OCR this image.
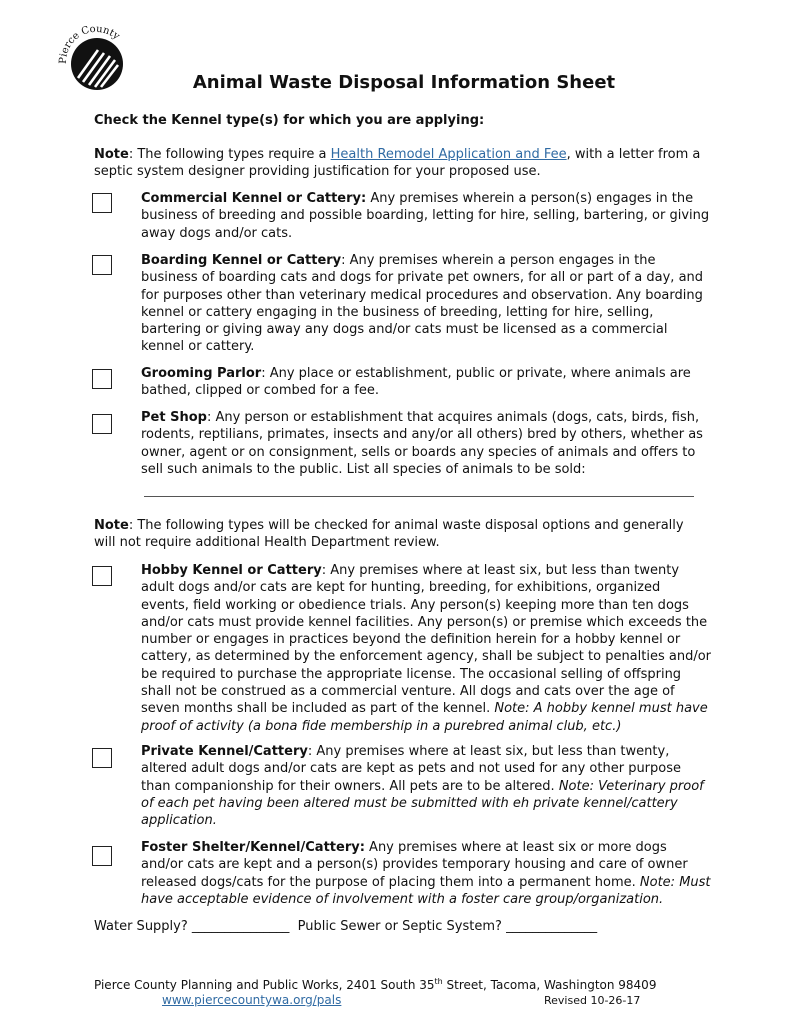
Pierce County
Animal Waste Disposal Information Sheet
Check the Kennel type(s) for which you are applying:
Note: The following types require a Health Remodel Application and Fee, with a letter from a septic system designer providing justification for your proposed use.
Commercial Kennel or Cattery: Any premises wherein a person(s) engages in the business of breeding and possible boarding, letting for hire, selling, bartering, or giving away dogs and/or cats.
Boarding Kennel or Cattery: Any premises wherein a person engages in the business of boarding cats and dogs for private pet owners, for all or part of a day, and for purposes other than veterinary medical procedures and observation. Any boarding kennel or cattery engaging in the business of breeding, letting for hire, selling, bartering or giving away any dogs and/or cats must be licensed as a commercial kennel or cattery.
Grooming Parlor: Any place or establishment, public or private, where animals are bathed, clipped or combed for a fee.
Pet Shop: Any person or establishment that acquires animals (dogs, cats, birds, fish, rodents, reptilians, primates, insects and any/or all others) bred by others, whether as owner, agent or on consignment, sells or boards any species of animals and offers to sell such animals to the public. List all species of animals to be sold:
Note: The following types will be checked for animal waste disposal options and generally will not require additional Health Department review.
Hobby Kennel or Cattery: Any premises where at least six, but less than twenty adult dogs and/or cats are kept for hunting, breeding, for exhibitions, organized events, field working or obedience trials. Any person(s) keeping more than ten dogs and/or cats must provide kennel facilities. Any person(s) or premise which exceeds the number or engages in practices beyond the definition herein for a hobby kennel or cattery, as determined by the enforcement agency, shall be subject to penalties and/or be required to purchase the appropriate license. The occasional selling of offspring shall not be construed as a commercial venture. All dogs and cats over the age of seven months shall be included as part of the kennel. Note: A hobby kennel must have proof of activity (a bona fide membership in a purebred animal club, etc.)
Private Kennel/Cattery: Any premises where at least six, but less than twenty, altered adult dogs and/or cats are kept as pets and not used for any other purpose than companionship for their owners. All pets are to be altered. Note: Veterinary proof of each pet having been altered must be submitted with eh private kennel/cattery application.
Foster Shelter/Kennel/Cattery: Any premises where at least six or more dogs and/or cats are kept and a person(s) provides temporary housing and care of owner released dogs/cats for the purpose of placing them into a permanent home. Note: Must have acceptable evidence of involvement with a foster care group/organization.
Water Supply? _______________ Public Sewer or Septic System? ______________
Pierce County Planning and Public Works, 2401 South 35th Street, Tacoma, Washington 98409
www.piercecountywa.org/pals	Revised 10-26-17
